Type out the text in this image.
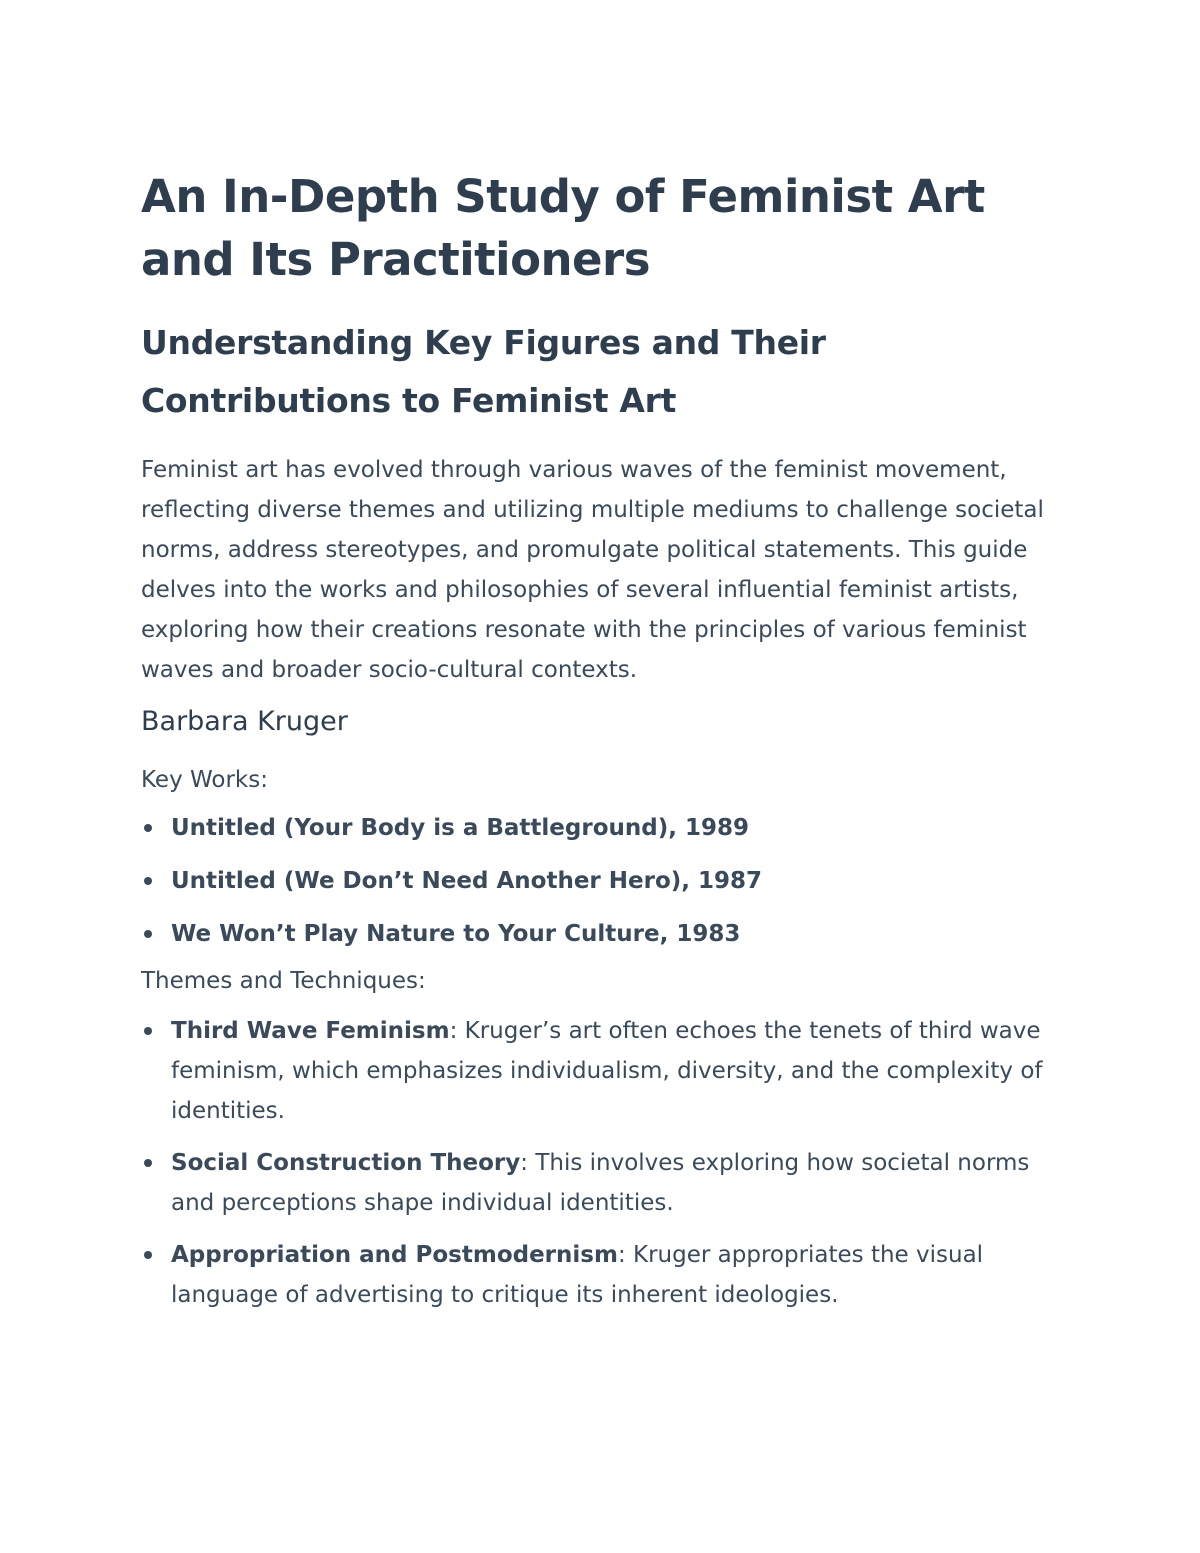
An In-Depth Study of Feminist Art and Its Practitioners
Understanding Key Figures and Their Contributions to Feminist Art

Feminist art has evolved through various waves of the feminist movement, reflecting diverse themes and utilizing multiple mediums to challenge societal norms, address stereotypes, and promulgate political statements. This guide delves into the works and philosophies of several influential feminist artists, exploring how their creations resonate with the principles of various feminist waves and broader socio-cultural contexts.

Barbara Kruger

Key Works:

Untitled (Your Body is a Battleground), 1989
Untitled (We Don’t Need Another Hero), 1987
We Won’t Play Nature to Your Culture, 1983

Themes and Techniques:

Third Wave Feminism: Kruger’s art often echoes the tenets of third wave feminism, which emphasizes individualism, diversity, and the complexity of identities.
Social Construction Theory: This involves exploring how societal norms and perceptions shape individual identities.
Appropriation and Postmodernism: Kruger appropriates the visual language of advertising to critique its inherent ideologies.
